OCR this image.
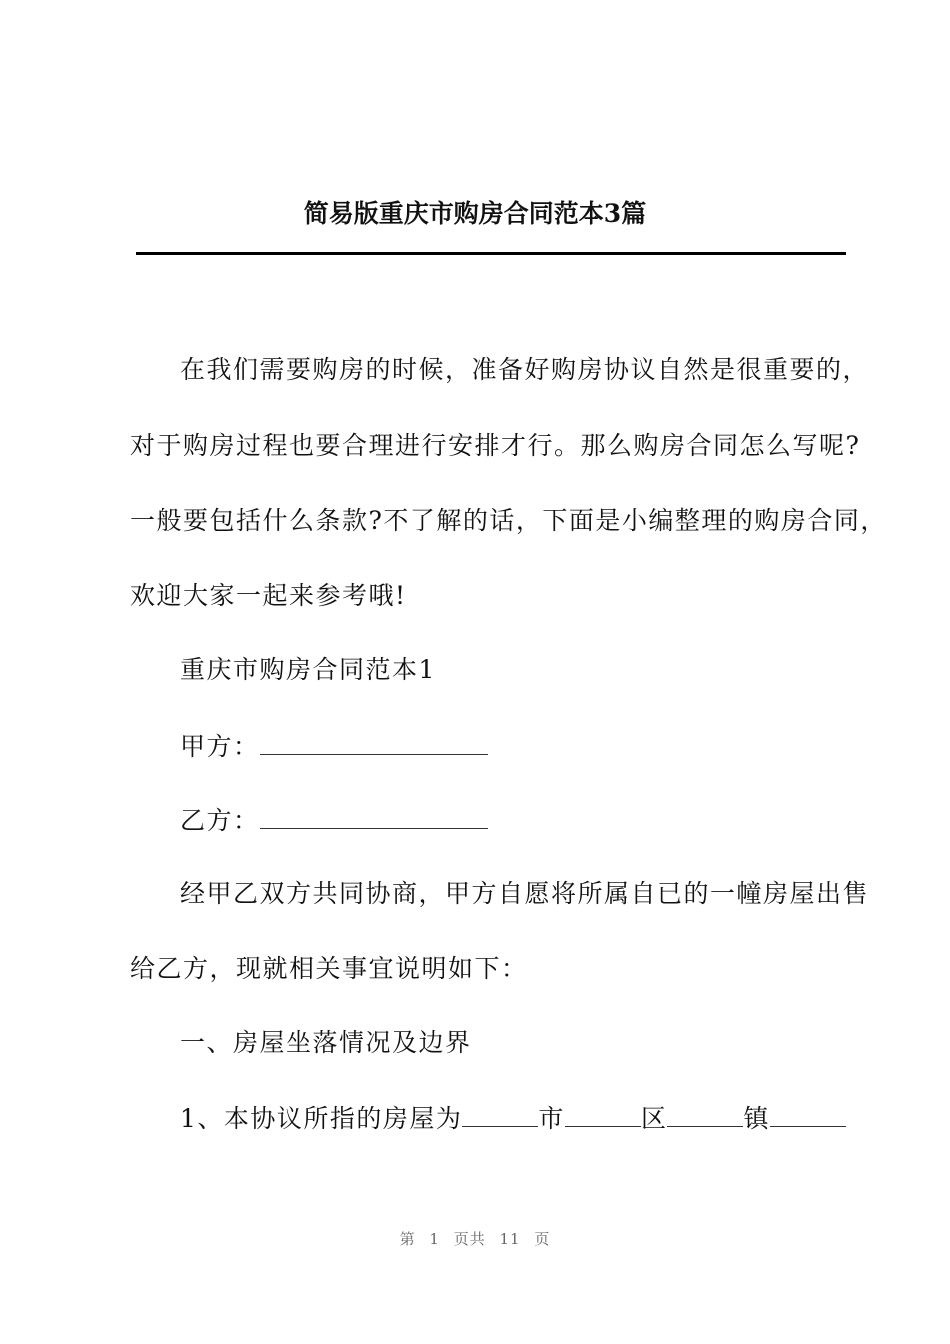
简易版重庆市购房合同范本3篇
在我们需要购房的时候，准备好购房协议自然是很重要的，
对于购房过程也要合理进行安排才行。那么购房合同怎么写呢?
一般要包括什么条款?不了解的话，下面是小编整理的购房合同，
欢迎大家一起来参考哦!
重庆市购房合同范本1
甲方：
乙方：
经甲乙双方共同协商，甲方自愿将所属自已的一幢房屋出售
给乙方，现就相关事宜说明如下：
一、房屋坐落情况及边界
1、本协议所指的房屋为	市	区	镇
第 1 页共 11 页
